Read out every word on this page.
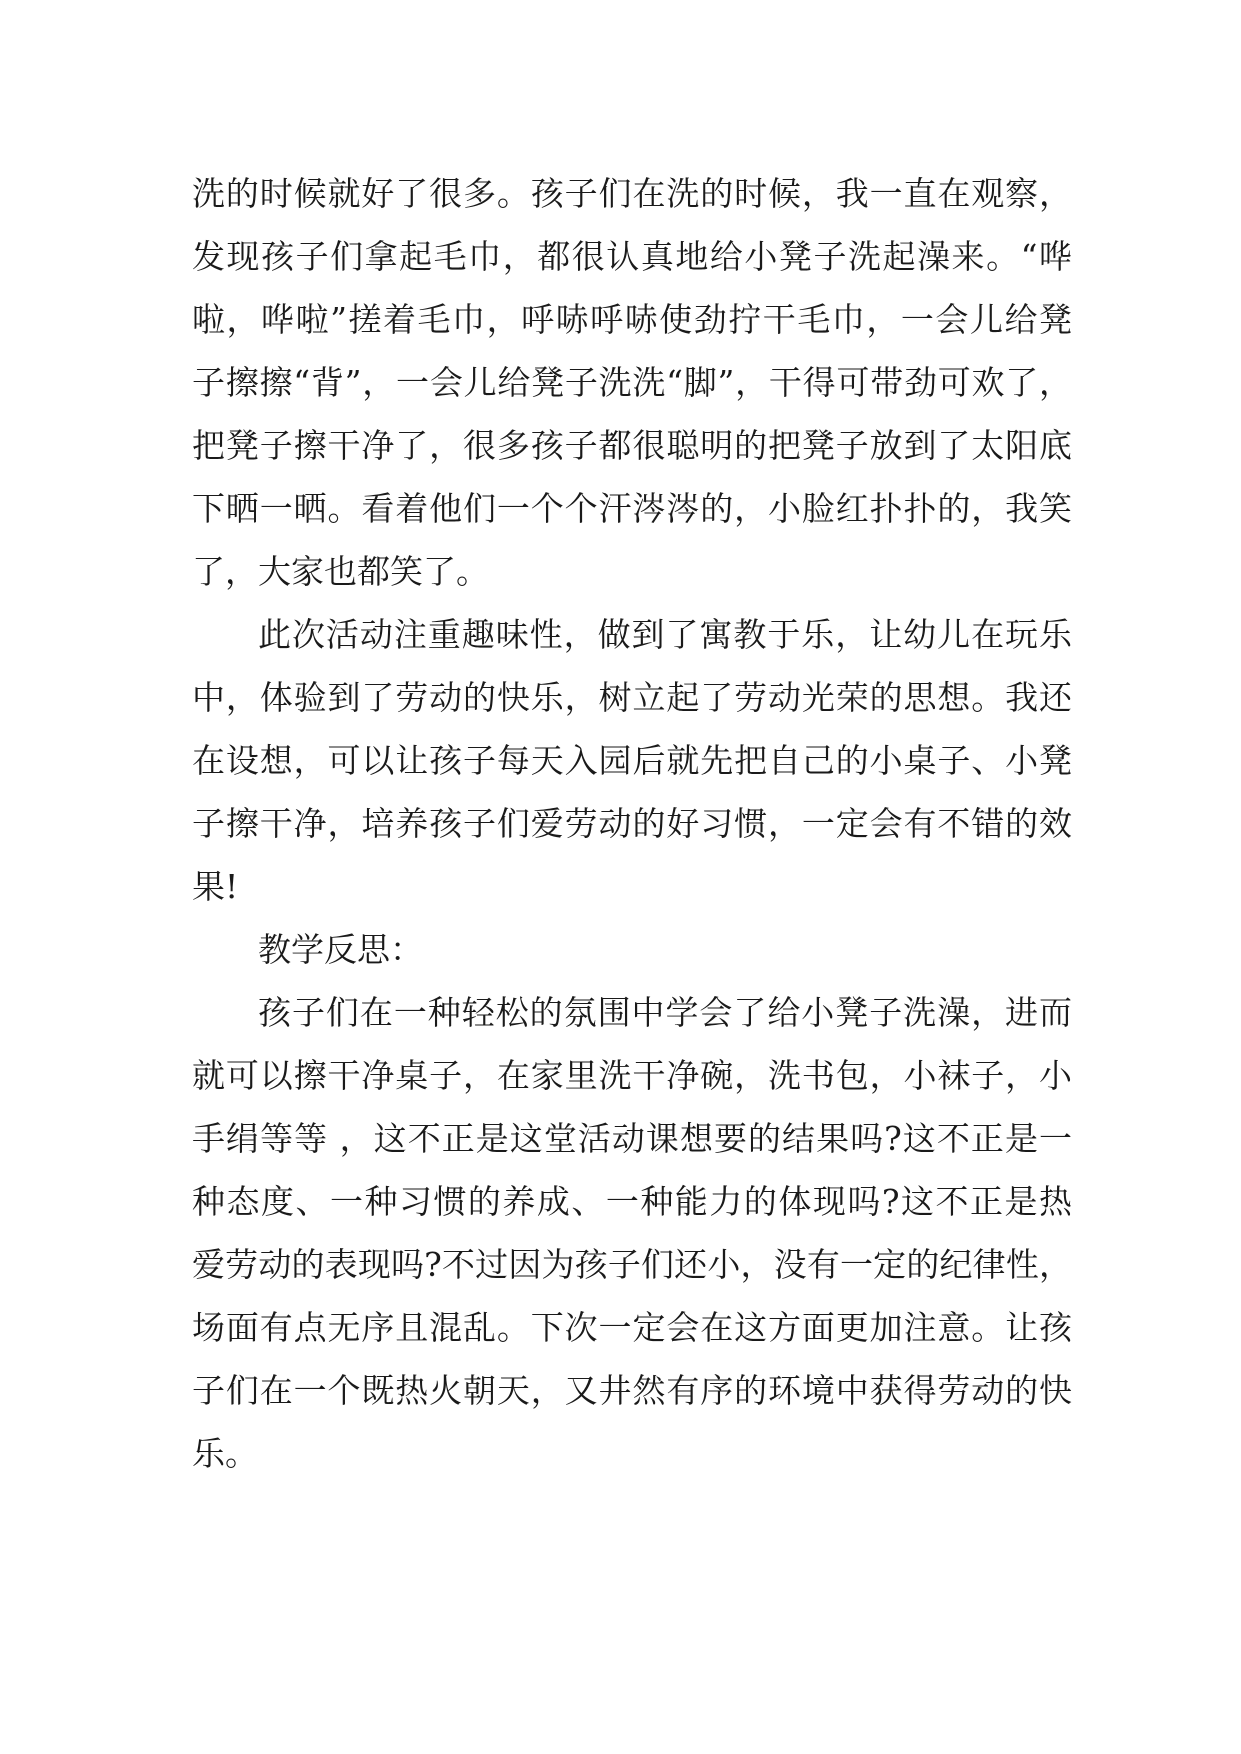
洗的时候就好了很多。孩子们在洗的时候，我一直在观察，
发现孩子们拿起毛巾，都很认真地给小凳子洗起澡来。“哗
啦，哗啦”搓着毛巾，呼哧呼哧使劲拧干毛巾，一会儿给凳
子擦擦“背”，一会儿给凳子洗洗“脚”，干得可带劲可欢了，
把凳子擦干净了，很多孩子都很聪明的把凳子放到了太阳底
下晒一晒。看着他们一个个汗涔涔的，小脸红扑扑的，我笑
了，大家也都笑了。
此次活动注重趣味性，做到了寓教于乐，让幼儿在玩乐
中，体验到了劳动的快乐，树立起了劳动光荣的思想。我还
在设想，可以让孩子每天入园后就先把自己的小桌子、小凳
子擦干净，培养孩子们爱劳动的好习惯，一定会有不错的效
果!
教学反思：
孩子们在一种轻松的氛围中学会了给小凳子洗澡，进而
就可以擦干净桌子，在家里洗干净碗，洗书包，小袜子，小
手绢等等 ，这不正是这堂活动课想要的结果吗?这不正是一
种态度、一种习惯的养成、一种能力的体现吗?这不正是热
爱劳动的表现吗?不过因为孩子们还小，没有一定的纪律性，
场面有点无序且混乱。下次一定会在这方面更加注意。让孩
子们在一个既热火朝天，又井然有序的环境中获得劳动的快
乐。
